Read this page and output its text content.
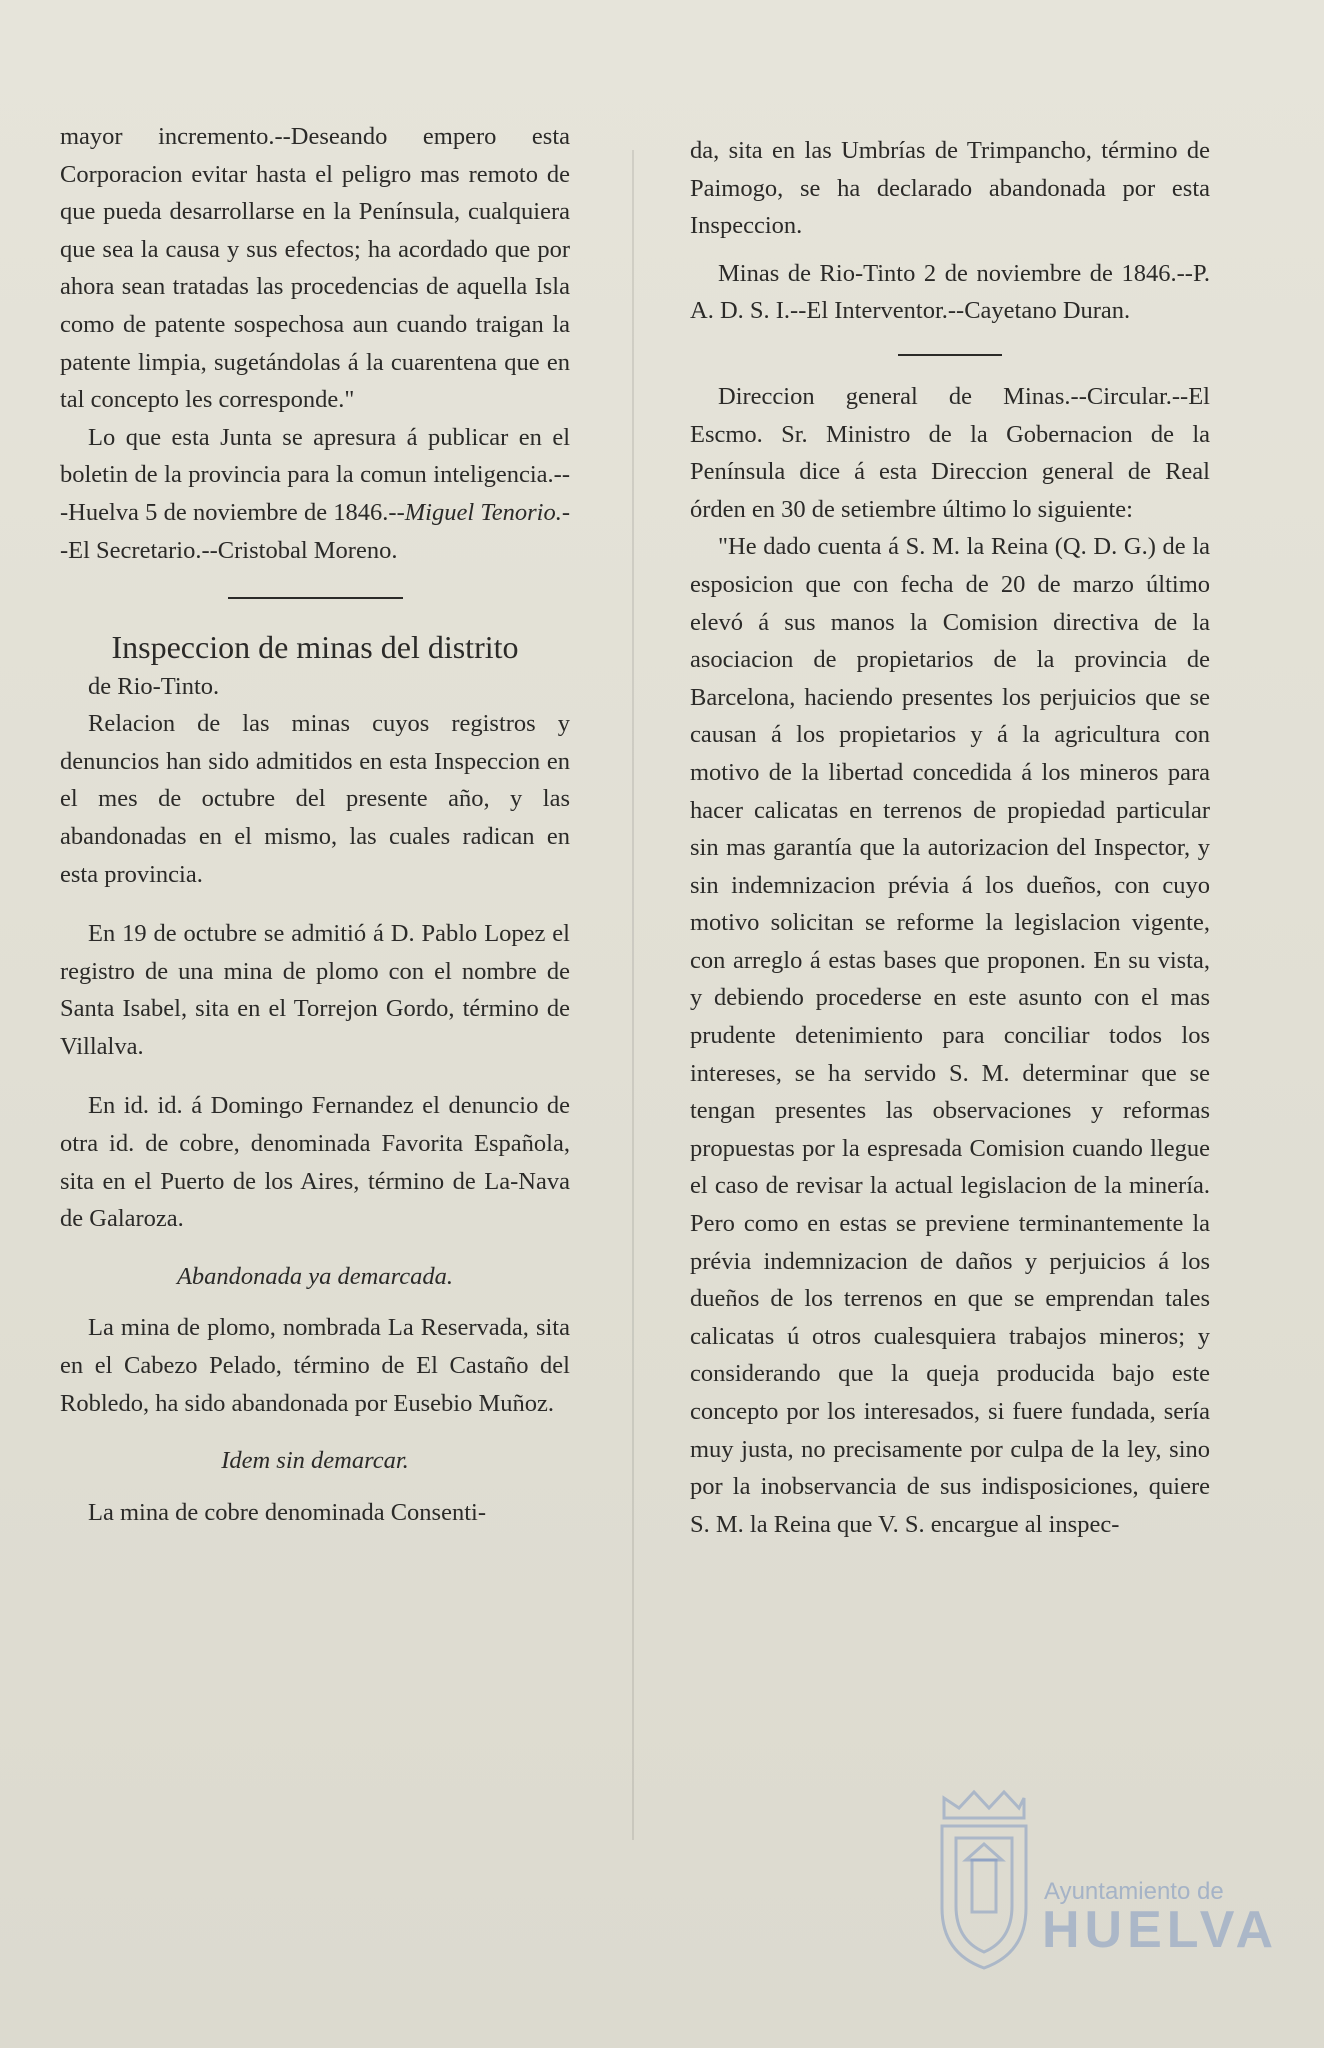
mayor incremento.--Deseando empero esta Corporacion evitar hasta el peligro mas remoto de que pueda desarrollarse en la Península, cualquiera que sea la causa y sus efectos; ha acordado que por ahora sean tratadas las procedencias de aquella Isla como de patente sospechosa aun cuando traigan la patente limpia, sugetándolas á la cuarentena que en tal concepto les corresponde."

Lo que esta Junta se apresura á publicar en el boletin de la provincia para la comun inteligencia.---Huelva 5 de noviembre de 1846.--Miguel Tenorio.--El Secretario.--Cristobal Moreno.

Inspeccion de minas del distrito

de Rio-Tinto.

Relacion de las minas cuyos registros y denuncios han sido admitidos en esta Inspeccion en el mes de octubre del presente año, y las abandonadas en el mismo, las cuales radican en esta provincia.

En 19 de octubre se admitió á D. Pablo Lopez el registro de una mina de plomo con el nombre de Santa Isabel, sita en el Torrejon Gordo, término de Villalva.

En id. id. á Domingo Fernandez el denuncio de otra id. de cobre, denominada Favorita Española, sita en el Puerto de los Aires, término de La-Nava de Galaroza.

Abandonada ya demarcada.

La mina de plomo, nombrada La Reservada, sita en el Cabezo Pelado, término de El Castaño del Robledo, ha sido abandonada por Eusebio Muñoz.

Idem sin demarcar.

La mina de cobre denominada Consenti-

da, sita en las Umbrías de Trimpancho, término de Paimogo, se ha declarado abandonada por esta Inspeccion.

Minas de Rio-Tinto 2 de noviembre de 1846.--P. A. D. S. I.--El Interventor.--Cayetano Duran.

Direccion general de Minas.--Circular.--El Escmo. Sr. Ministro de la Gobernacion de la Península dice á esta Direccion general de Real órden en 30 de setiembre último lo siguiente:

"He dado cuenta á S. M. la Reina (Q. D. G.) de la esposicion que con fecha de 20 de marzo último elevó á sus manos la Comision directiva de la asociacion de propietarios de la provincia de Barcelona, haciendo presentes los perjuicios que se causan á los propietarios y á la agricultura con motivo de la libertad concedida á los mineros para hacer calicatas en terrenos de propiedad particular sin mas garantía que la autorizacion del Inspector, y sin indemnizacion prévia á los dueños, con cuyo motivo solicitan se reforme la legislacion vigente, con arreglo á estas bases que proponen. En su vista, y debiendo procederse en este asunto con el mas prudente detenimiento para conciliar todos los intereses, se ha servido S. M. determinar que se tengan presentes las observaciones y reformas propuestas por la espresada Comision cuando llegue el caso de revisar la actual legislacion de la minería. Pero como en estas se previene terminantemente la prévia indemnizacion de daños y perjuicios á los dueños de los terrenos en que se emprendan tales calicatas ú otros cualesquiera trabajos mineros; y considerando que la queja producida bajo este concepto por los interesados, si fuere fundada, sería muy justa, no precisamente por culpa de la ley, sino por la inobservancia de sus indisposiciones, quiere S. M. la Reina que V. S. encargue al inspec-

Ayuntamiento de
HUELVA
